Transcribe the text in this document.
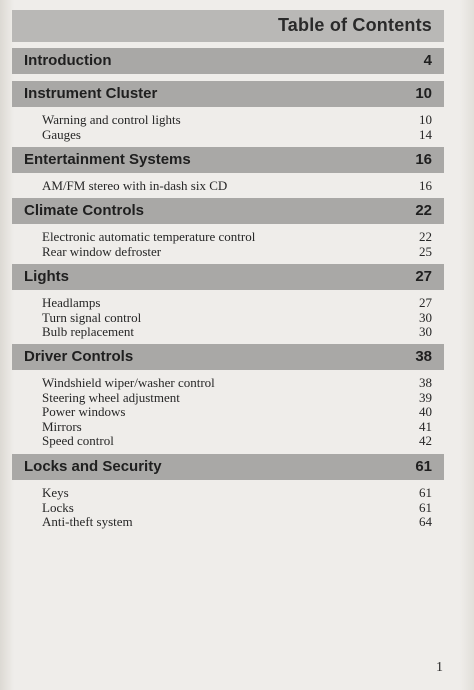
Table of Contents
Introduction	4
Instrument Cluster	10
Warning and control lights	10
Gauges	14
Entertainment Systems	16
AM/FM stereo with in-dash six CD	16
Climate Controls	22
Electronic automatic temperature control	22
Rear window defroster	25
Lights	27
Headlamps	27
Turn signal control	30
Bulb replacement	30
Driver Controls	38
Windshield wiper/washer control	38
Steering wheel adjustment	39
Power windows	40
Mirrors	41
Speed control	42
Locks and Security	61
Keys	61
Locks	61
Anti-theft system	64
1
